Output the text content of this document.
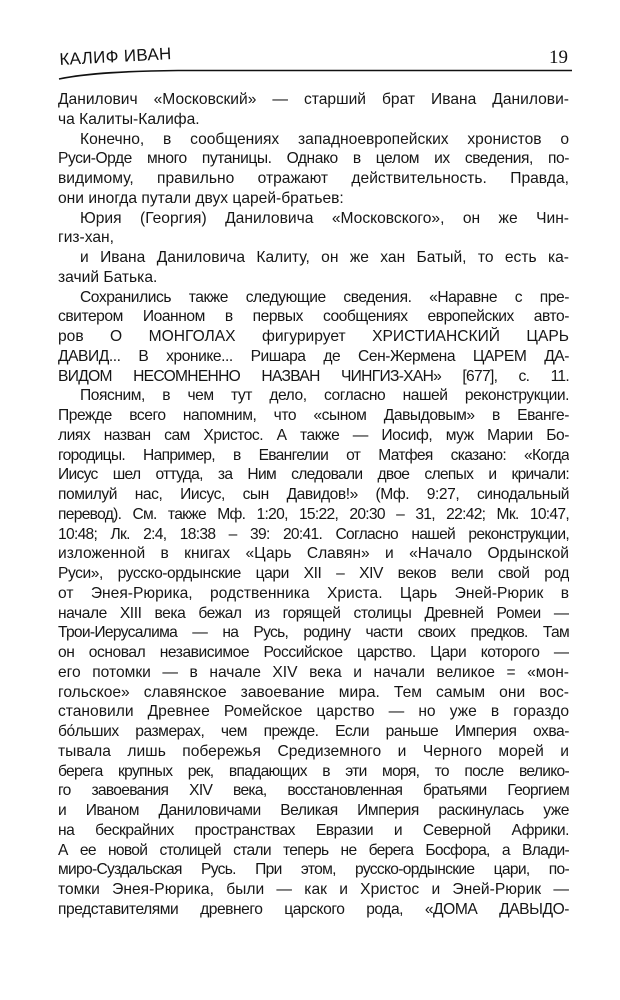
КАЛИФ ИВАН	19
Данилович «Московский» — старший брат Ивана Данилови-
ча Калиты-Калифа.
Конечно, в сообщениях западноевропейских хронистов о
Руси-Орде много путаницы. Однако в целом их сведения, по-
видимому, правильно отражают действительность. Правда,
они иногда путали двух царей-братьев:
Юрия (Георгия) Даниловича «Московского», он же Чин-
гиз-хан,
и Ивана Даниловича Калиту, он же хан Батый, то есть ка-
зачий Батька.
Сохранились также следующие сведения. «Наравне с пре-
свитером Иоанном в первых сообщениях европейских авто-
ров О МОНГОЛАХ фигурирует ХРИСТИАНСКИЙ ЦАРЬ
ДАВИД... В хронике... Ришара де Сен-Жермена ЦАРЕМ ДА-
ВИДОМ НЕСОМНЕННО НАЗВАН ЧИНГИЗ-ХАН» [677], с. 11.
Поясним, в чем тут дело, согласно нашей реконструкции.
Прежде всего напомним, что «сыном Давыдовым» в Еванге-
лиях назван сам Христос. А также — Иосиф, муж Марии Бо-
городицы. Например, в Евангелии от Матфея сказано: «Когда
Иисус шел оттуда, за Ним следовали двое слепых и кричали:
помилуй нас, Иисус, сын Давидов!» (Мф. 9:27, синодальный
перевод). См. также Мф. 1:20, 15:22, 20:30 – 31, 22:42; Мк. 10:47,
10:48; Лк. 2:4, 18:38 – 39: 20:41. Согласно нашей реконструкции,
изложенной в книгах «Царь Славян» и «Начало Ордынской
Руси», русско-ордынские цари XII – XIV веков вели свой род
от Энея-Рюрика, родственника Христа. Царь Эней-Рюрик в
начале XIII века бежал из горящей столицы Древней Ромеи —
Трои-Иерусалима — на Русь, родину части своих предков. Там
он основал независимое Российское царство. Цари которого —
его потомки — в начале XIV века и начали великое = «мон-
гольское» славянское завоевание мира. Тем самым они вос-
становили Древнее Ромейское царство — но уже в гораздо
бо́льших размерах, чем прежде. Если раньше Империя охва-
тывала лишь побережья Средиземного и Черного морей и
берега крупных рек, впадающих в эти моря, то после велико-
го завоевания XIV века, восстановленная братьями Георгием
и Иваном Даниловичами Великая Империя раскинулась уже
на бескрайних пространствах Евразии и Северной Африки.
А ее новой столицей стали теперь не берега Босфора, а Влади-
миро-Суздальская Русь. При этом, русско-ордынские цари, по-
томки Энея-Рюрика, были — как и Христос и Эней-Рюрик —
представителями древнего царского рода, «ДОМА ДАВЫДО-
